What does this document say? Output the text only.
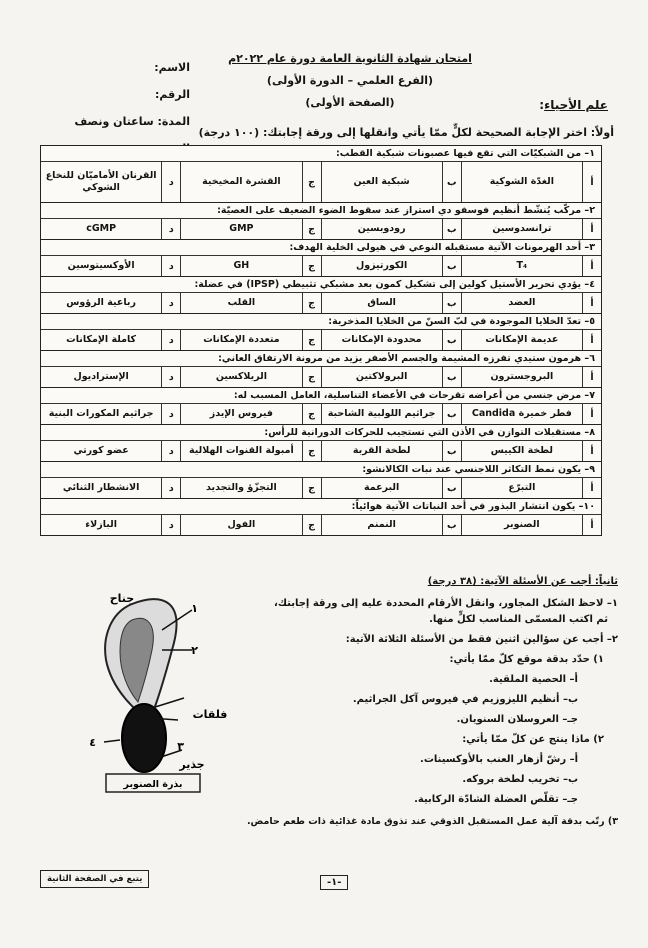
علم الأحياء:
امتحان شهادة الثانوية العامة دورة عام ٢٠٢٢م
(الفرع العلمي – الدورة الأولى)
(الصفحة الأولى)
الاسم:
الرقم:
المدة: ساعتان ونصف
أولاً: اختر الإجابة الصحيحة لكلٍّ ممّا يأتي وانقلها إلى ورقة إجابتك: (١٠٠ درجة)
١– من الشبكيّات التي تقع فيها عصبونات شبكية القطب:
أ
الغدّة الشوكية
ب
شبكية العين
ج
القشرة المخيخية
د
القرنان الأماميّان للنخاع الشوكي
٢– مركّب يُنشّط أنظيم فوسفو دي استراز عند سقوط الضوء الضعيف على العصيّة:
أ
ترانسدوسين
ب
رودوبسين
ج
GMP
د
cGMP
٣– أحد الهرمونات الآتية مستقبله النوعي في هيولى الخلية الهدف:
أ
T₄
ب
الكورتيزول
ج
GH
د
الأوكسيتوسين
٤– يؤدي تحرير الأستيل كولين إلى تشكيل كمون بعد مشبكي تثبيطي (IPSP) في عضلة:
أ
العضد
ب
الساق
ج
القلب
د
رباعية الرؤوس
٥– تعدّ الخلايا الموجودة في لبّ السنّ من الخلايا المذخرية:
أ
عديمة الإمكانات
ب
محدودة الإمكانات
ج
متعددة الإمكانات
د
كاملة الإمكانات
٦– هرمون ستيدي تفرزه المشيمة والجسم الأصفر يزيد من مرونة الارتفاق العاني:
أ
البروجسترون
ب
البرولاكتين
ج
الريلاكسين
د
الإستراديول
٧– مرض جنسي من أعراضه تقرحات في الأعضاء التناسلية، العامل المسبب له:
أ
فطر خميرة Candida
ب
جراثيم اللولبية الشاحبة
ج
فيروس الإيدز
د
جراثيم المكورات البنية
٨– مستقبلات التوازن في الأذن التي تستجيب للحركات الدورانية للرأس:
أ
لطخة الكييس
ب
لطخة القربة
ج
أمبولة القنوات الهلالية
د
عضو كورتي
٩– يكون نمط التكاثر اللاجنسي عند نبات الكالانشو:
أ
التبرّع
ب
البرعمة
ج
التجزّؤ والتجديد
د
الانشطار الثنائي
١٠– يكون انتشار البذور في أحد النباتات الآتية هوائياً:
أ
الصنوبر
ب
النمنم
ج
الفول
د
البازلاء
ثانياً: أجب عن الأسئلة الآتية: (٣٨ درجة)
١– لاحظ الشكل المجاور، وانقل الأرقام المحددة عليه إلى ورقة إجابتك،
ثم اكتب المسمّى المناسب لكلٍّ منها.
٢– أجب عن سؤالين اثنين فقط من الأسئلة الثلاثة الآتية:
١) حدّد بدقة موقع كلّ ممّا يأتي:
أ– الحصية الملقية.
ب– أنظيم الليزوزيم في فيروس آكل الجراثيم.
جـ– العروسلان السنويان.
٢) ماذا ينتج عن كلّ ممّا يأتي:
أ– رشّ أزهار العنب بالأوكسينات.
ب– تخريب لطخة بروكه.
جـ– تقلّص العضلة الشادّة الركابية.
٣) رتّب بدقة آلية عمل المستقبل الذوقي عند تذوق مادة غذائية ذات طعم حامض.
جناح
١
٢
فلقات
٣
٤
جذير
بذرة الصنوبر
يتبع في الصفحة الثانية	-١-
